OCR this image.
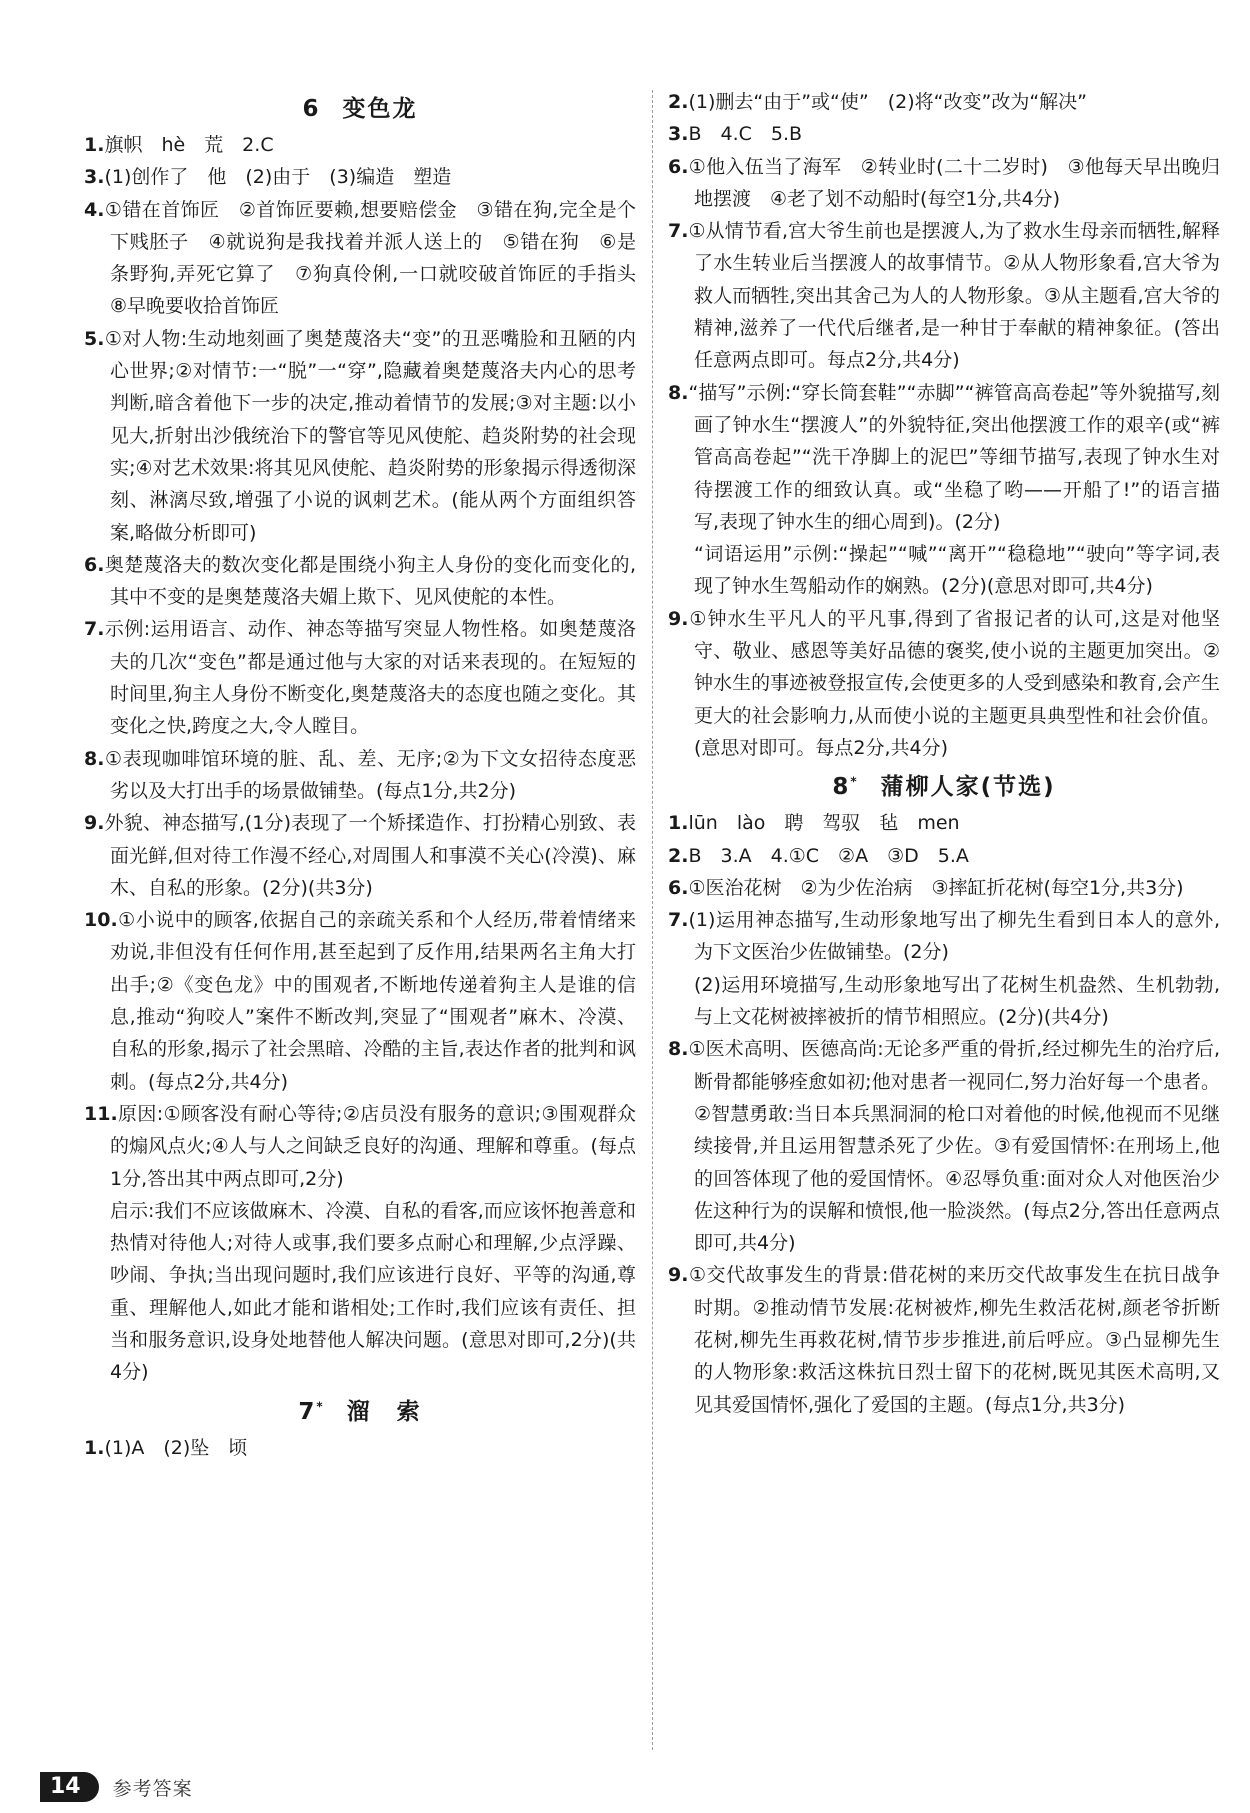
6 变色龙
1.旗帜　hè　荒　2.C
3.(1)创作了　他　(2)由于　(3)编造　塑造
4.①错在首饰匠　②首饰匠要赖,想要赔偿金　③错在狗,完全是个下贱胚子　④就说狗是我找着并派人送上的　⑤错在狗　⑥是条野狗,弄死它算了　⑦狗真伶俐,一口就咬破首饰匠的手指头　⑧早晚要收拾首饰匠
5.①对人物:生动地刻画了奥楚蔑洛夫“变”的丑恶嘴脸和丑陋的内心世界;②对情节:一“脱”一“穿”,隐藏着奥楚蔑洛夫内心的思考判断,暗含着他下一步的决定,推动着情节的发展;③对主题:以小见大,折射出沙俄统治下的警官等见风使舵、趋炎附势的社会现实;④对艺术效果:将其见风使舵、趋炎附势的形象揭示得透彻深刻、淋漓尽致,增强了小说的讽刺艺术。(能从两个方面组织答案,略做分析即可)
6.奥楚蔑洛夫的数次变化都是围绕小狗主人身份的变化而变化的,其中不变的是奥楚蔑洛夫媚上欺下、见风使舵的本性。
7.示例:运用语言、动作、神态等描写突显人物性格。如奥楚蔑洛夫的几次“变色”都是通过他与大家的对话来表现的。在短短的时间里,狗主人身份不断变化,奥楚蔑洛夫的态度也随之变化。其变化之快,跨度之大,令人瞠目。
8.①表现咖啡馆环境的脏、乱、差、无序;②为下文女招待态度恶劣以及大打出手的场景做铺垫。(每点1分,共2分)
9.外貌、神态描写,(1分)表现了一个矫揉造作、打扮精心别致、表面光鲜,但对待工作漫不经心,对周围人和事漠不关心(冷漠)、麻木、自私的形象。(2分)(共3分)
10.①小说中的顾客,依据自己的亲疏关系和个人经历,带着情绪来劝说,非但没有任何作用,甚至起到了反作用,结果两名主角大打出手;②《变色龙》中的围观者,不断地传递着狗主人是谁的信息,推动“狗咬人”案件不断改判,突显了“围观者”麻木、冷漠、自私的形象,揭示了社会黑暗、冷酷的主旨,表达作者的批判和讽刺。(每点2分,共4分)
11.原因:①顾客没有耐心等待;②店员没有服务的意识;③围观群众的煽风点火;④人与人之间缺乏良好的沟通、理解和尊重。(每点1分,答出其中两点即可,2分)
启示:我们不应该做麻木、冷漠、自私的看客,而应该怀抱善意和热情对待他人;对待人或事,我们要多点耐心和理解,少点浮躁、吵闹、争执;当出现问题时,我们应该进行良好、平等的沟通,尊重、理解他人,如此才能和谐相处;工作时,我们应该有责任、担当和服务意识,设身处地替他人解决问题。(意思对即可,2分)(共4分)
7* 溜　索
1.(1)A　(2)坠　顷
2.(1)删去“由于”或“使”　(2)将“改变”改为“解决”
3.B　4.C　5.B
6.①他入伍当了海军　②转业时(二十二岁时)　③他每天早出晚归地摆渡　④老了划不动船时(每空1分,共4分)
7.①从情节看,宫大爷生前也是摆渡人,为了救水生母亲而牺牲,解释了水生转业后当摆渡人的故事情节。②从人物形象看,宫大爷为救人而牺牲,突出其舍己为人的人物形象。③从主题看,宫大爷的精神,滋养了一代代后继者,是一种甘于奉献的精神象征。(答出任意两点即可。每点2分,共4分)
8.“描写”示例:“穿长筒套鞋”“赤脚”“裤管高高卷起”等外貌描写,刻画了钟水生“摆渡人”的外貌特征,突出他摆渡工作的艰辛(或“裤管高高卷起”“洗干净脚上的泥巴”等细节描写,表现了钟水生对待摆渡工作的细致认真。或“坐稳了哟——开船了!”的语言描写,表现了钟水生的细心周到)。(2分)
“词语运用”示例:“操起”“喊”“离开”“稳稳地”“驶向”等字词,表现了钟水生驾船动作的娴熟。(2分)(意思对即可,共4分)
9.①钟水生平凡人的平凡事,得到了省报记者的认可,这是对他坚守、敬业、感恩等美好品德的褒奖,使小说的主题更加突出。②钟水生的事迹被登报宣传,会使更多的人受到感染和教育,会产生更大的社会影响力,从而使小说的主题更具典型性和社会价值。(意思对即可。每点2分,共4分)
8* 蒲柳人家(节选)
1.lūn　lào　聘　驾驭　毡　men
2.B　3.A　4.①C　②A　③D　5.A
6.①医治花树　②为少佐治病　③摔缸折花树(每空1分,共3分)
7.(1)运用神态描写,生动形象地写出了柳先生看到日本人的意外,为下文医治少佐做铺垫。(2分)
(2)运用环境描写,生动形象地写出了花树生机盎然、生机勃勃,与上文花树被摔被折的情节相照应。(2分)(共4分)
8.①医术高明、医德高尚:无论多严重的骨折,经过柳先生的治疗后,断骨都能够痊愈如初;他对患者一视同仁,努力治好每一个患者。②智慧勇敢:当日本兵黑洞洞的枪口对着他的时候,他视而不见继续接骨,并且运用智慧杀死了少佐。③有爱国情怀:在刑场上,他的回答体现了他的爱国情怀。④忍辱负重:面对众人对他医治少佐这种行为的误解和愤恨,他一脸淡然。(每点2分,答出任意两点即可,共4分)
9.①交代故事发生的背景:借花树的来历交代故事发生在抗日战争时期。②推动情节发展:花树被炸,柳先生救活花树,颜老爷折断花树,柳先生再救花树,情节步步推进,前后呼应。③凸显柳先生的人物形象:救活这株抗日烈士留下的花树,既见其医术高明,又见其爱国情怀,强化了爱国的主题。(每点1分,共3分)
14	参考答案
